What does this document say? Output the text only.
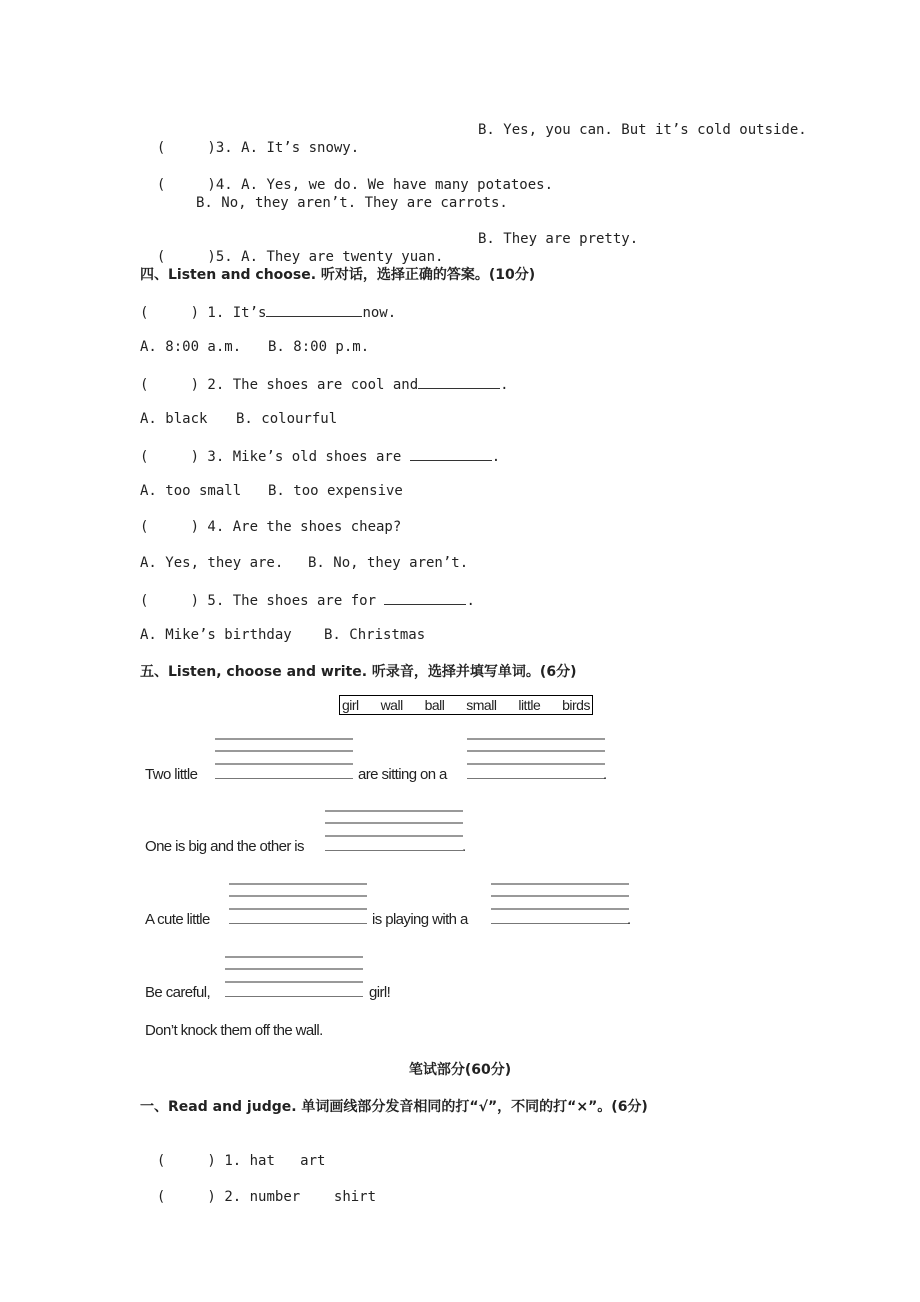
(     )3. A. It’s snowy.

B. Yes, you can. But it’s cold outside.

(     )4. A. Yes, we do. We have many potatoes.

B. No, they aren’t. They are carrots.

(     )5. A. They are twenty yuan.

B. They are pretty.
四、Listen and choose. 听对话，选择正确的答案。(10分)
(     ) 1. It’s	now.
A. 8:00 a.m. B. 8:00 p.m.
(     ) 2. The shoes are cool and	.
A. black B. colourful
(     ) 3. Mike’s old shoes are	.
A. too small B. too expensive
(     ) 4. Are the shoes cheap?
A. Yes, they are. B. No, they aren’t.
(     ) 5. The shoes are for	.
A. Mike’s birthday B. Christmas
五、Listen, choose and write. 听录音，选择并填写单词。(6分)
girl wall ball small little birds
Two little	are sitting on a	.
One is big and the other is	.
A cute little	is playing with a	.
Be careful,	girl!
Don’t knock them off the wall.
笔试部分(60分)
一、Read and judge. 单词画线部分发音相同的打“√”，不同的打“×”。(6分)

(     ) 1. hat   art

(     ) 2. number    shirt
